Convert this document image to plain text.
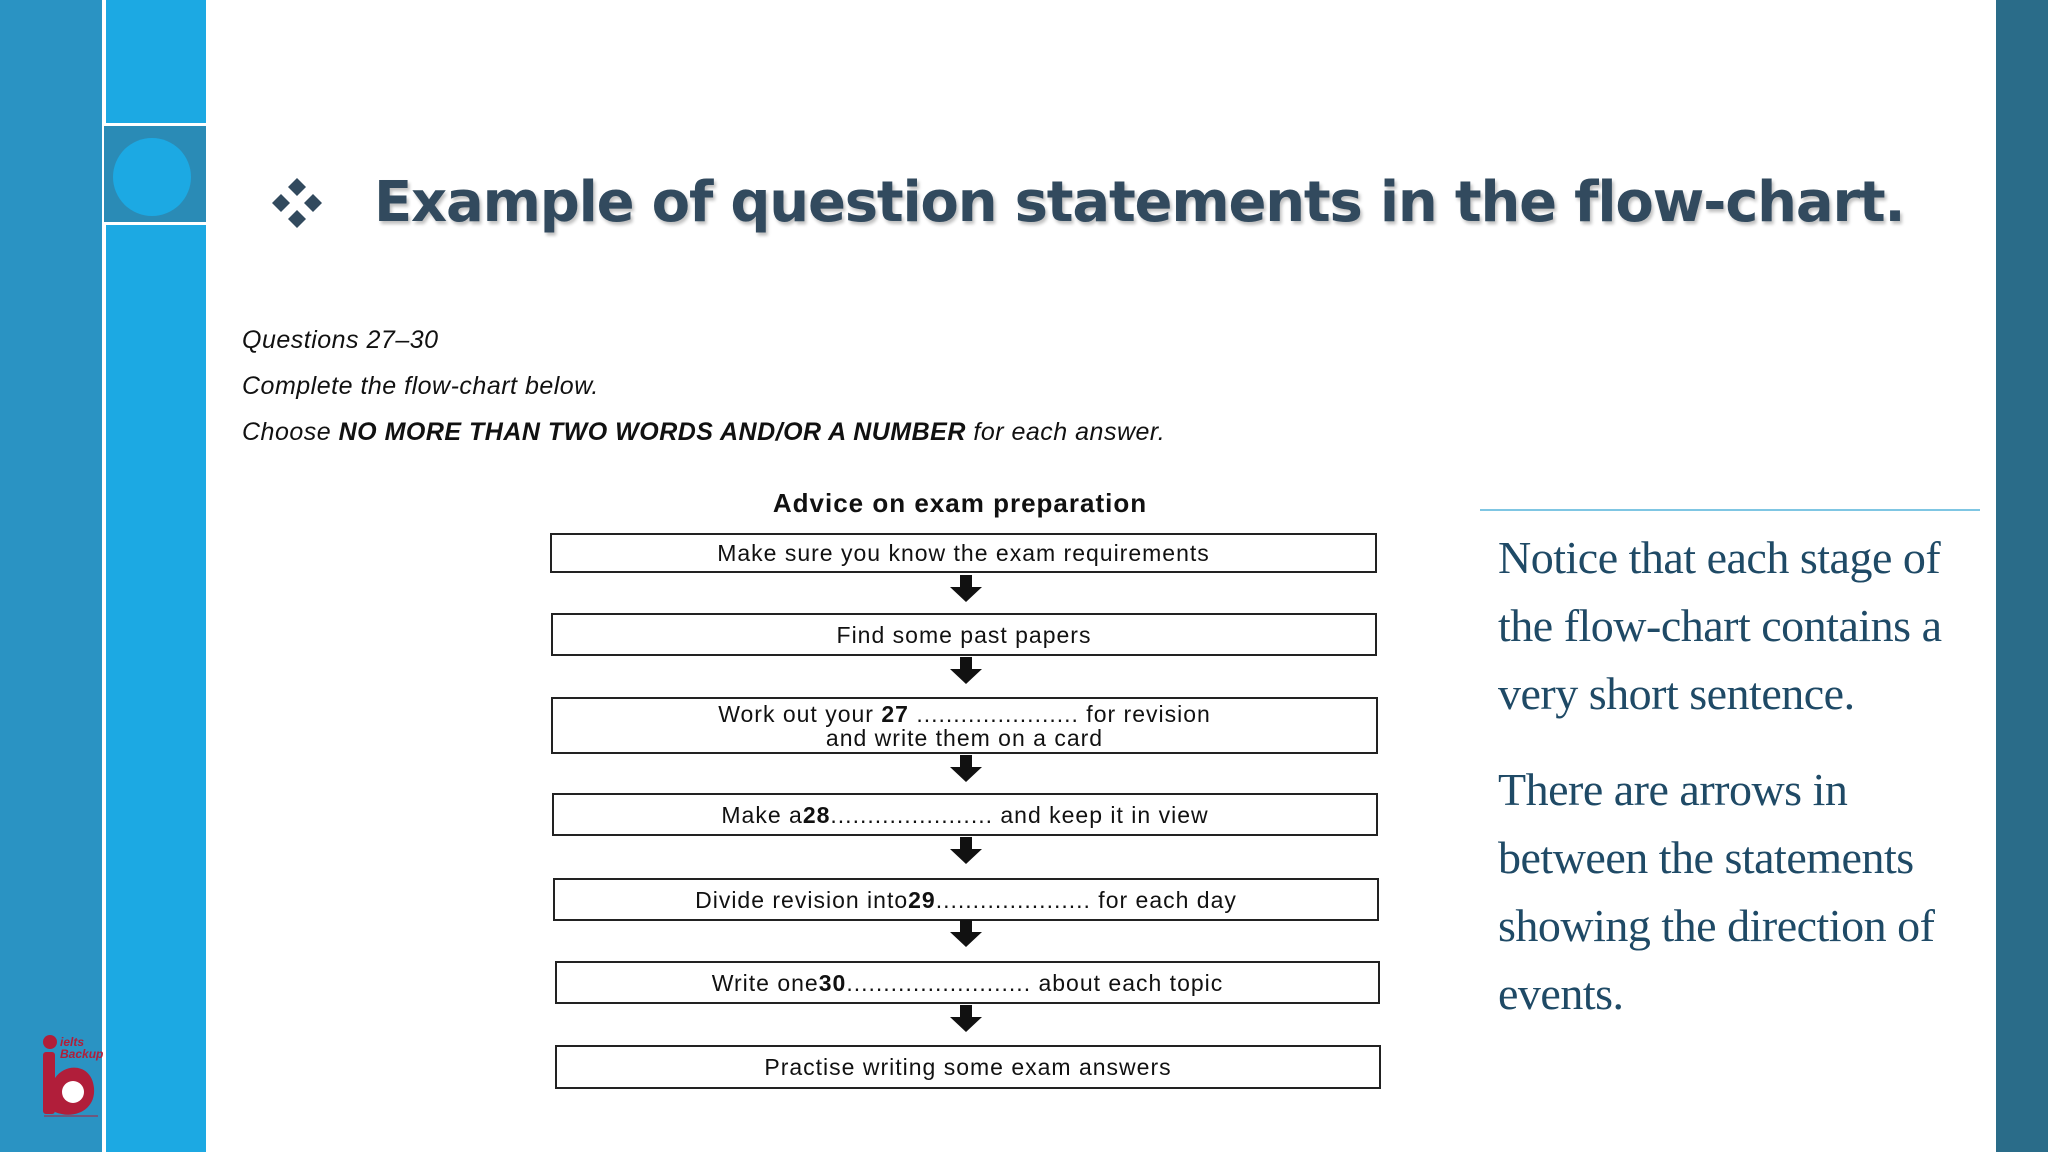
ielts
Backup
Example of question statements in the flow-chart.
Questions 27–30
Complete the flow-chart below.
Choose NO MORE THAN TWO WORDS AND/OR A NUMBER for each answer.
Advice on exam preparation
Make sure you know the exam requirements
Find some past papers
Work out your 27 ...................... for revision
and write them on a card
Make a 28 ...................... and keep it in view
Divide revision into 29 ..................... for each day
Write one 30 ......................... about each topic
Practise writing some exam answers
Notice that each stage of the flow-chart contains a very short sentence.
There are arrows in between the statements showing the direction of events.
